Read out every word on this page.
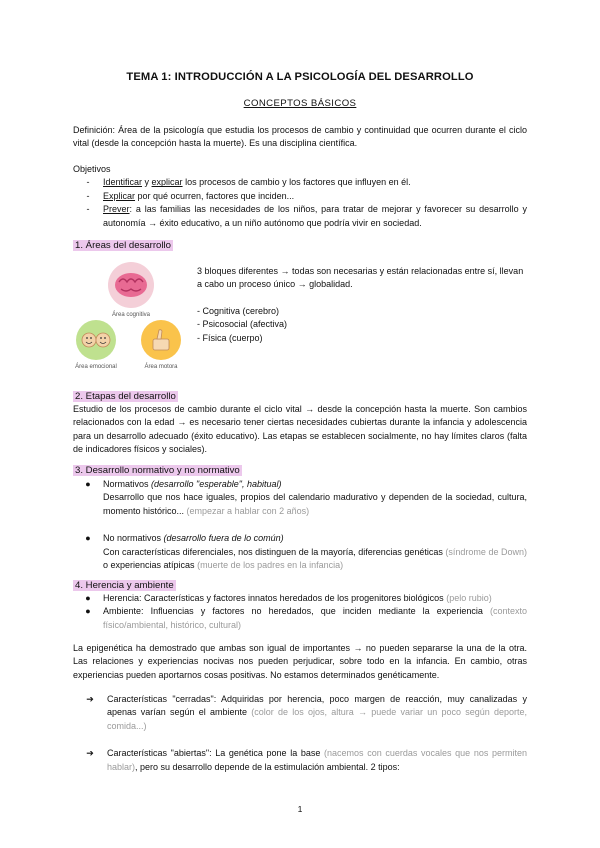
TEMA 1: INTRODUCCIÓN A LA PSICOLOGÍA DEL DESARROLLO
CONCEPTOS BÁSICOS
Definición: Área de la psicología que estudia los procesos de cambio y continuidad que ocurren durante el ciclo vital (desde la concepción hasta la muerte). Es una disciplina científica.
Objetivos
-	Identificar y explicar los procesos de cambio y los factores que influyen en él.
-	Explicar por qué ocurren, factores que inciden...
-	Prever: a las familias las necesidades de los niños, para tratar de mejorar y favorecer su desarrollo y autonomía → éxito educativo, a un niño autónomo que podría vivir en sociedad.
1. Áreas del desarrollo
Área cognitiva
Área emocional	Área motora
3 bloques diferentes → todas son necesarias y están relacionadas entre sí, llevan a cabo un proceso único → globalidad.
- Cognitiva (cerebro)
- Psicosocial (afectiva)
- Física (cuerpo)
2. Etapas del desarrollo
Estudio de los procesos de cambio durante el ciclo vital → desde la concepción hasta la muerte. Son cambios relacionados con la edad → es necesario tener ciertas necesidades cubiertas durante la infancia y adolescencia para un desarrollo adecuado (éxito educativo). Las etapas se establecen socialmente, no hay límites claros (falta de indicadores físicos y sociales).
3. Desarrollo normativo y no normativo
●	Normativos (desarrollo "esperable", habitual)
Desarrollo que nos hace iguales, propios del calendario madurativo y dependen de la sociedad, cultura, momento histórico... (empezar a hablar con 2 años)
●	No normativos (desarrollo fuera de lo común)
Con características diferenciales, nos distinguen de la mayoría, diferencias genéticas (síndrome de Down) o experiencias atípicas (muerte de los padres en la infancia)
4. Herencia y ambiente
●	Herencia: Características y factores innatos heredados de los progenitores biológicos (pelo rubio)
●	Ambiente: Influencias y factores no heredados, que inciden mediante la experiencia (contexto físico/ambiental, histórico, cultural)
La epigenética ha demostrado que ambas son igual de importantes → no pueden separarse la una de la otra. Las relaciones y experiencias nocivas nos pueden perjudicar, sobre todo en la infancia. En cambio, otras experiencias pueden aportarnos cosas positivas. No estamos determinados genéticamente.
➔	Características "cerradas": Adquiridas por herencia, poco margen de reacción, muy canalizadas y apenas varían según el ambiente (color de los ojos, altura → puede variar un poco según deporte, comida...)
➔	Características "abiertas": La genética pone la base (nacemos con cuerdas vocales que nos permiten hablar), pero su desarrollo depende de la estimulación ambiental. 2 tipos:
1
